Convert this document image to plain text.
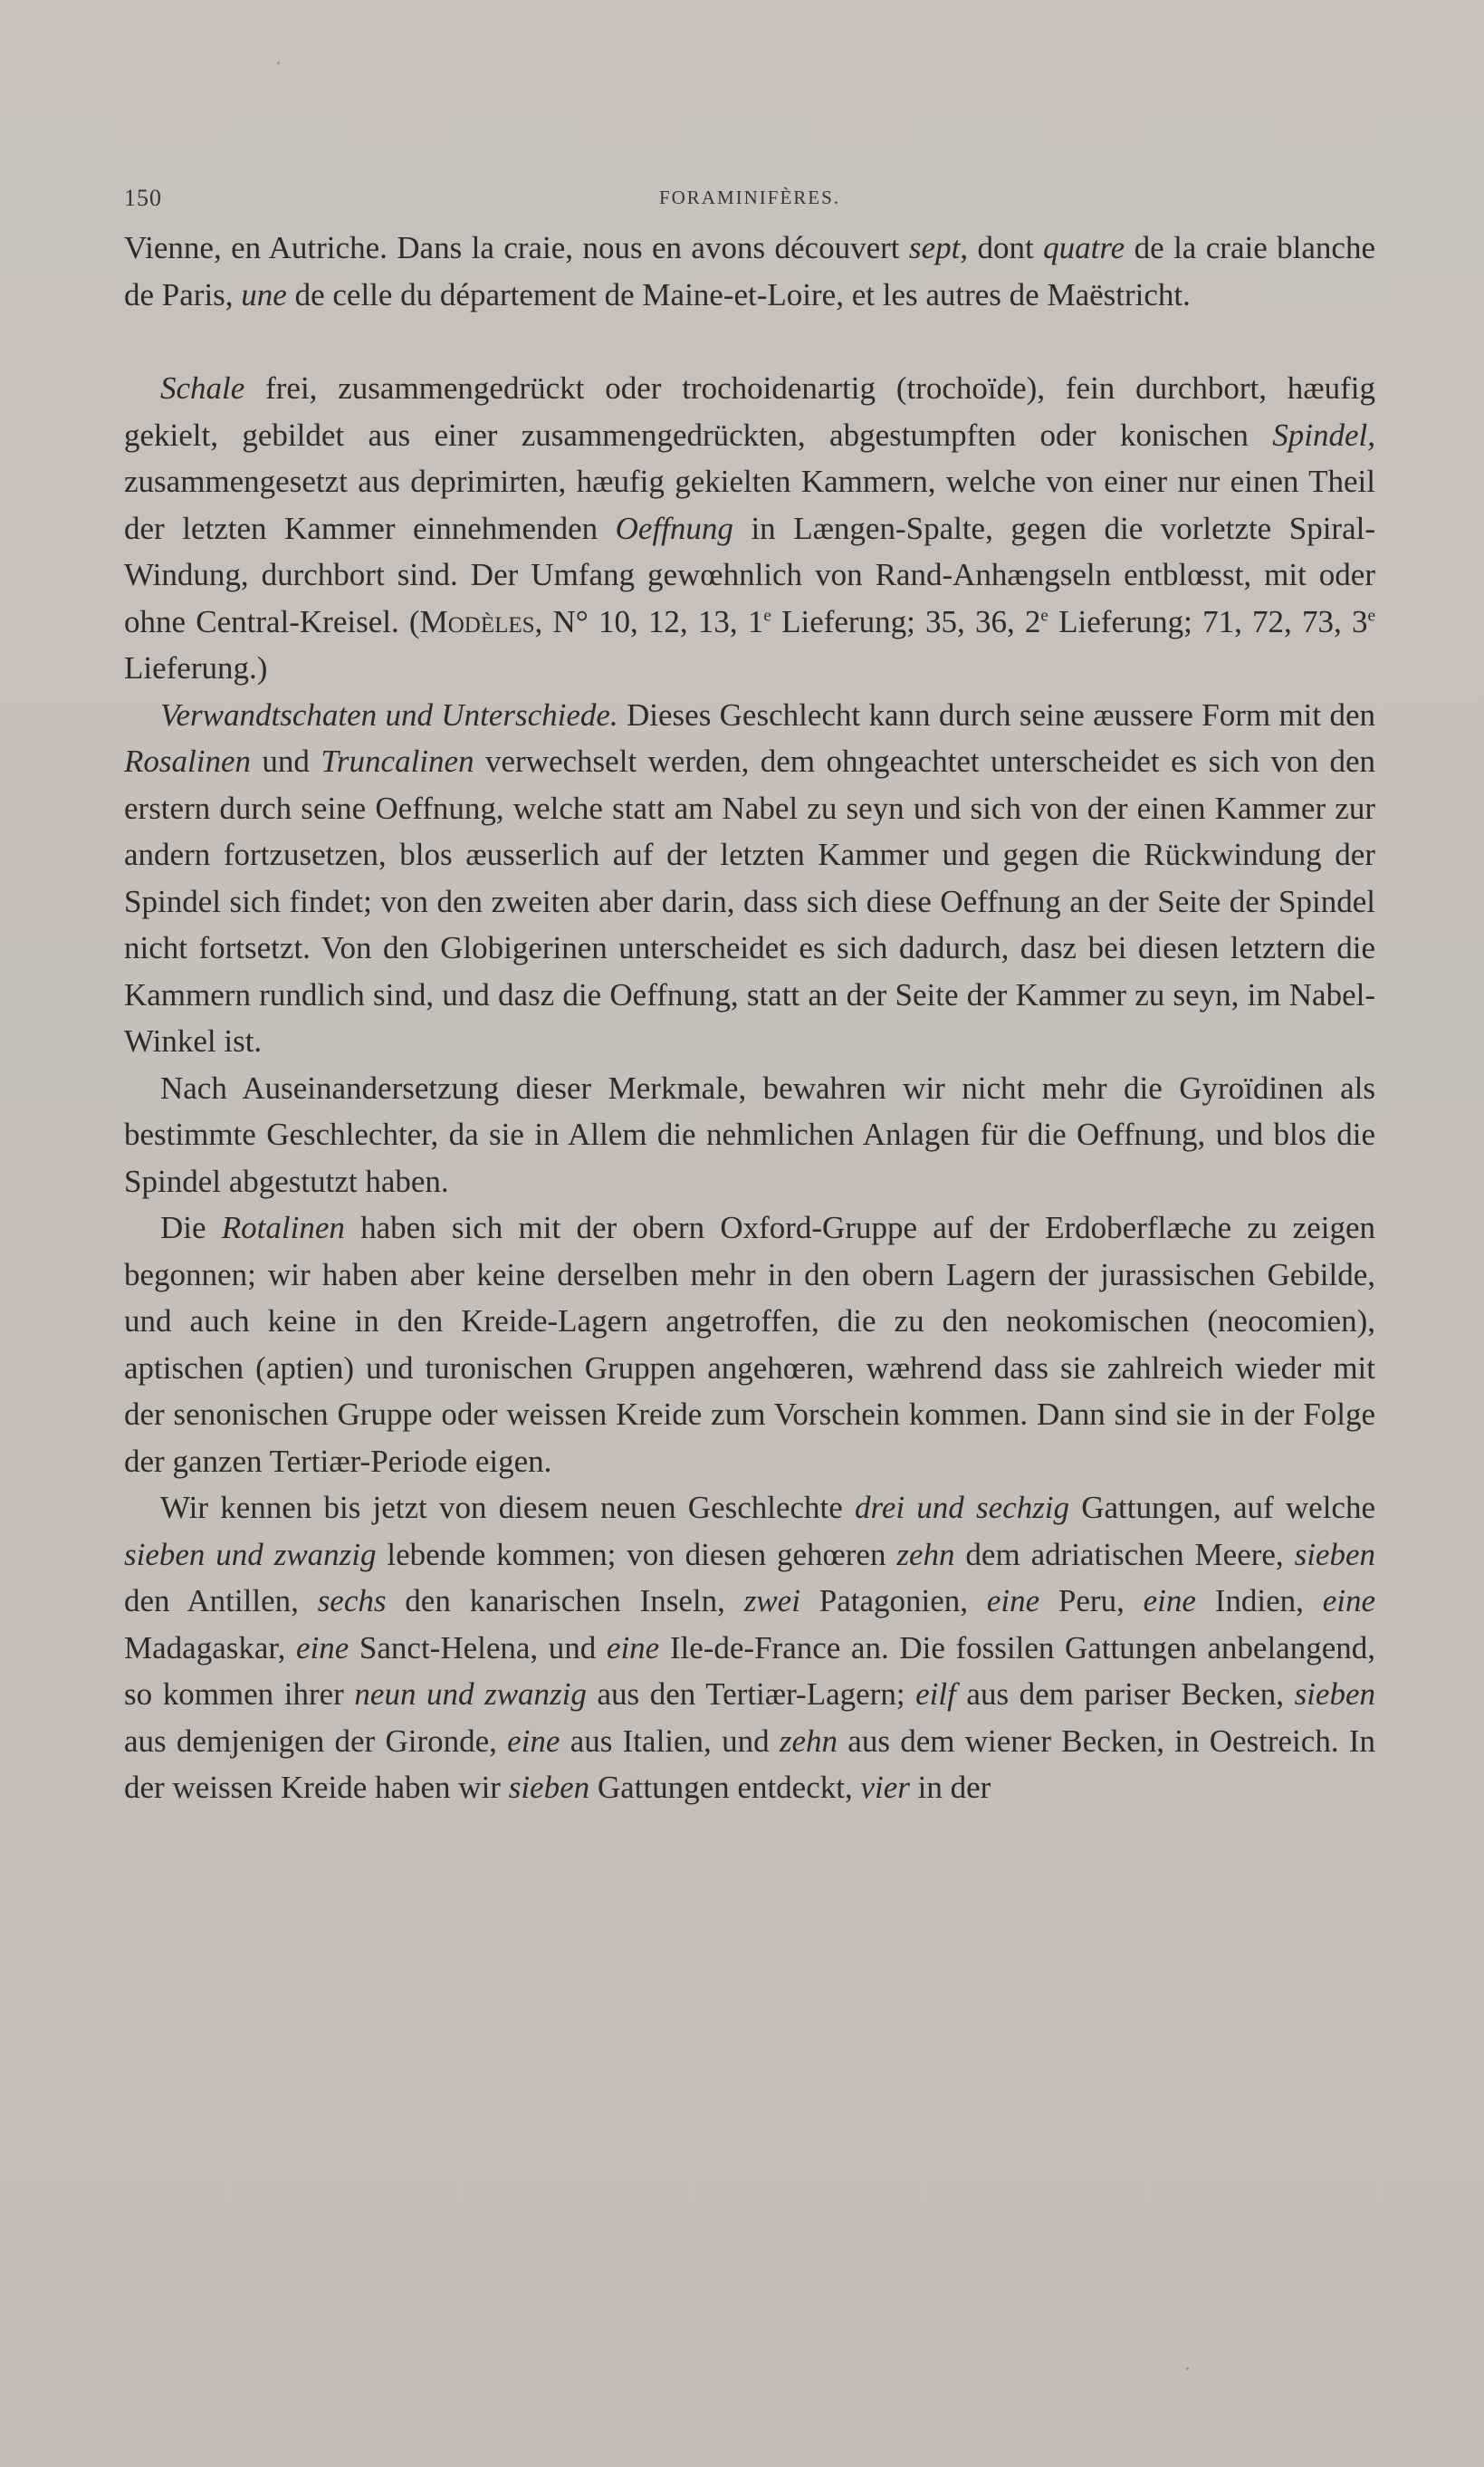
150	FORAMINIFÈRES.

Vienne, en Autriche. Dans la craie, nous en avons découvert sept, dont quatre de la craie blanche de Paris, une de celle du département de Maine-et-Loire, et les autres de Maëstricht.

Schale frei, zusammengedrückt oder trochoidenartig (trochoïde), fein durchbort, hæufig gekielt, gebildet aus einer zusammengedrückten, abgestumpften oder konischen Spindel, zusammengesetzt aus deprimirten, hæufig gekielten Kammern, welche von einer nur einen Theil der letzten Kammer einnehmenden Oeffnung in Længen-Spalte, gegen die vorletzte Spiral-Windung, durchbort sind. Der Umfang gewœhnlich von Rand-Anhængseln entblœsst, mit oder ohne Central-Kreisel. (Modèles, N° 10, 12, 13, 1e Lieferung; 35, 36, 2e Lieferung; 71, 72, 73, 3e Lieferung.)

Verwandtschaten und Unterschiede. Dieses Geschlecht kann durch seine æussere Form mit den Rosalinen und Truncalinen verwechselt werden, dem ohngeachtet unterscheidet es sich von den erstern durch seine Oeffnung, welche statt am Nabel zu seyn und sich von der einen Kammer zur andern fortzusetzen, blos æusserlich auf der letzten Kammer und gegen die Rückwindung der Spindel sich findet; von den zweiten aber darin, dass sich diese Oeffnung an der Seite der Spindel nicht fortsetzt. Von den Globigerinen unterscheidet es sich dadurch, dasz bei diesen letztern die Kammern rundlich sind, und dasz die Oeffnung, statt an der Seite der Kammer zu seyn, im Nabel-Winkel ist.

Nach Auseinandersetzung dieser Merkmale, bewahren wir nicht mehr die Gyroïdinen als bestimmte Geschlechter, da sie in Allem die nehmlichen Anlagen für die Oeffnung, und blos die Spindel abgestutzt haben.

Die Rotalinen haben sich mit der obern Oxford-Gruppe auf der Erdoberflæche zu zeigen begonnen; wir haben aber keine derselben mehr in den obern Lagern der jurassischen Gebilde, und auch keine in den Kreide-Lagern angetroffen, die zu den neokomischen (neocomien), aptischen (aptien) und turonischen Gruppen angehœren, wæhrend dass sie zahlreich wieder mit der senonischen Gruppe oder weissen Kreide zum Vorschein kommen. Dann sind sie in der Folge der ganzen Tertiær-Periode eigen.

Wir kennen bis jetzt von diesem neuen Geschlechte drei und sechzig Gattungen, auf welche sieben und zwanzig lebende kommen; von diesen gehœren zehn dem adriatischen Meere, sieben den Antillen, sechs den kanarischen Inseln, zwei Patagonien, eine Peru, eine Indien, eine Madagaskar, eine Sanct-Helena, und eine Ile-de-France an. Die fossilen Gattungen anbelangend, so kommen ihrer neun und zwanzig aus den Tertiær-Lagern; eilf aus dem pariser Becken, sieben aus demjenigen der Gironde, eine aus Italien, und zehn aus dem wiener Becken, in Oestreich. In der weissen Kreide haben wir sieben Gattungen entdeckt, vier in der
